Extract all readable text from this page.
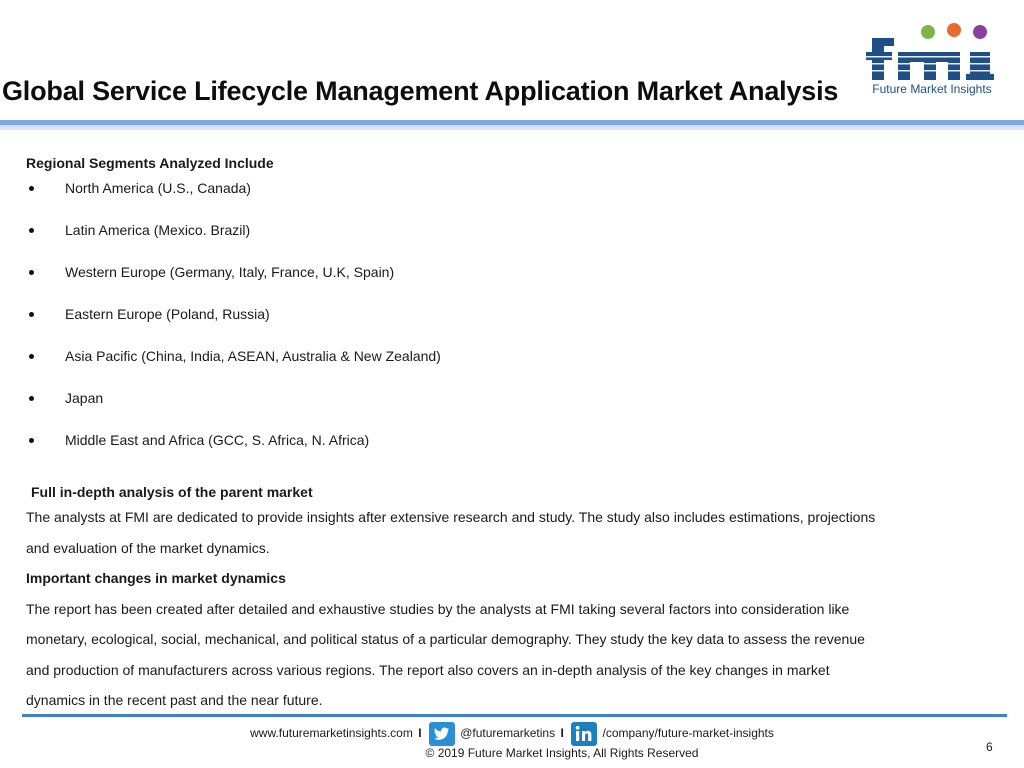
Global Service Lifecycle Management Application Market Analysis	Future Market Insights

Regional Segments Analyzed Include

North America (U.S., Canada)
Latin America (Mexico. Brazil)
Western Europe (Germany, Italy, France, U.K, Spain)
Eastern Europe (Poland, Russia)
Asia Pacific (China, India, ASEAN, Australia & New Zealand)
Japan
Middle East and Africa (GCC, S. Africa, N. Africa)
Full in-depth analysis of the parent market

The analysts at FMI are dedicated to provide insights after extensive research and study. The study also includes estimations, projections

and evaluation of the market dynamics.

Important changes in market dynamics

The report has been created after detailed and exhaustive studies by the analysts at FMI taking several factors into consideration like

monetary, ecological, social, mechanical, and political status of a particular demography. They study the key data to assess the revenue

and production of manufacturers across various regions. The report also covers an in-depth analysis of the key changes in market

dynamics in the recent past and the near future.

www.futuremarketinsights.com I	@futuremarketins I	/company/future-market-insights
© 2019 Future Market Insights, All Rights Reserved	6
